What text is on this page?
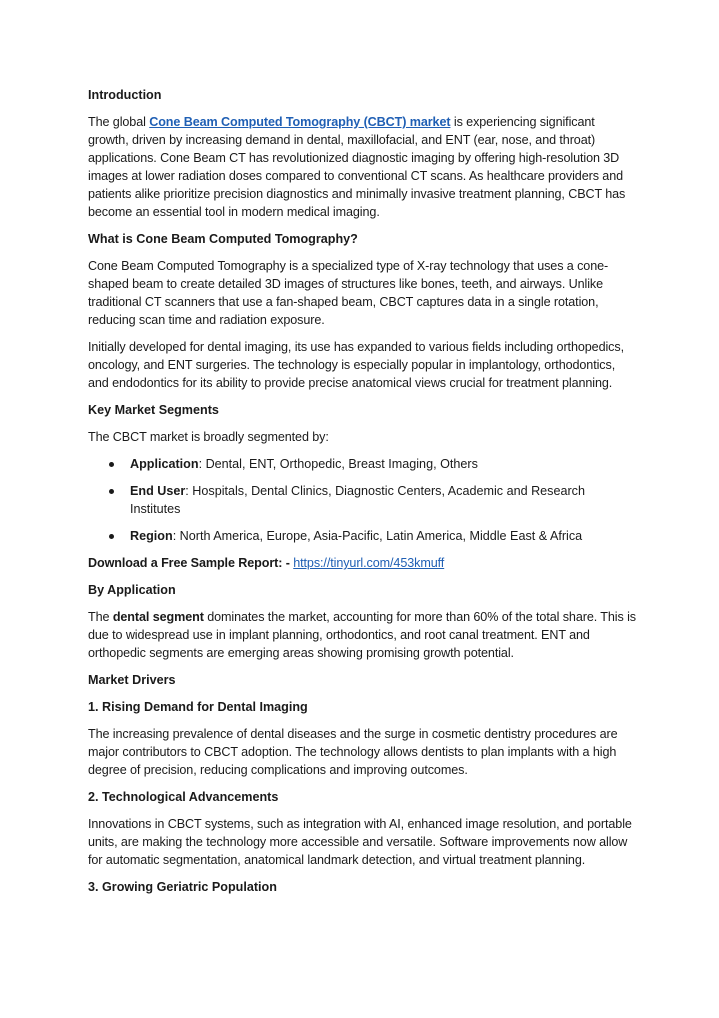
Introduction
The global Cone Beam Computed Tomography (CBCT) market is experiencing significant growth, driven by increasing demand in dental, maxillofacial, and ENT (ear, nose, and throat) applications. Cone Beam CT has revolutionized diagnostic imaging by offering high-resolution 3D images at lower radiation doses compared to conventional CT scans. As healthcare providers and patients alike prioritize precision diagnostics and minimally invasive treatment planning, CBCT has become an essential tool in modern medical imaging.
What is Cone Beam Computed Tomography?
Cone Beam Computed Tomography is a specialized type of X-ray technology that uses a cone-shaped beam to create detailed 3D images of structures like bones, teeth, and airways. Unlike traditional CT scanners that use a fan-shaped beam, CBCT captures data in a single rotation, reducing scan time and radiation exposure.
Initially developed for dental imaging, its use has expanded to various fields including orthopedics, oncology, and ENT surgeries. The technology is especially popular in implantology, orthodontics, and endodontics for its ability to provide precise anatomical views crucial for treatment planning.
Key Market Segments
The CBCT market is broadly segmented by:
Application: Dental, ENT, Orthopedic, Breast Imaging, Others
End User: Hospitals, Dental Clinics, Diagnostic Centers, Academic and Research Institutes
Region: North America, Europe, Asia-Pacific, Latin America, Middle East & Africa
Download a Free Sample Report: - https://tinyurl.com/453kmuff
By Application
The dental segment dominates the market, accounting for more than 60% of the total share. This is due to widespread use in implant planning, orthodontics, and root canal treatment. ENT and orthopedic segments are emerging areas showing promising growth potential.
Market Drivers
1. Rising Demand for Dental Imaging
The increasing prevalence of dental diseases and the surge in cosmetic dentistry procedures are major contributors to CBCT adoption. The technology allows dentists to plan implants with a high degree of precision, reducing complications and improving outcomes.
2. Technological Advancements
Innovations in CBCT systems, such as integration with AI, enhanced image resolution, and portable units, are making the technology more accessible and versatile. Software improvements now allow for automatic segmentation, anatomical landmark detection, and virtual treatment planning.
3. Growing Geriatric Population
